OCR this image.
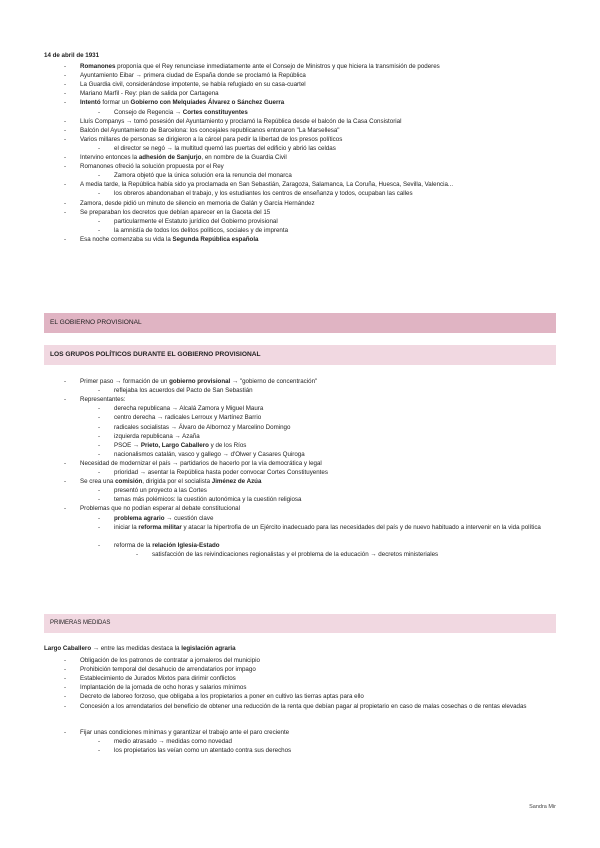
14 de abril de 1931
- Romanones proponía que el Rey renunciase inmediatamente ante el Consejo de Ministros y que hiciera la transmisión de poderes
- Ayuntamiento Eibar → primera ciudad de España donde se proclamó la República
- La Guardia civil, considerándose impotente, se había refugiado en su casa-cuartel
- Mariano Marfil - Rey: plan de salida por Cartagena
- Intentó formar un Gobierno con Melquíades Álvarez o Sánchez Guerra
- Consejo de Regencia → Cortes constituyentes
- Lluís Companys → tomó posesión del Ayuntamiento y proclamó la República desde el balcón de la Casa Consistorial
- Balcón del Ayuntamiento de Barcelona: los concejales republicanos entonaron "La Marsellesa"
- Varios millares de personas se dirigieron a la cárcel para pedir la libertad de los presos políticos
- el director se negó → la multitud quemó las puertas del edificio y abrió las celdas
- Intervino entonces la adhesión de Sanjurjo, en nombre de la Guardia Civil
- Romanones ofreció la solución propuesta por el Rey
- Zamora objetó que la única solución era la renuncia del monarca
- A media tarde, la República había sido ya proclamada en San Sebastián, Zaragoza, Salamanca, La Coruña, Huesca, Sevilla, Valencia...
- los obreros abandonaban el trabajo, y los estudiantes los centros de enseñanza y todos, ocupaban las calles
- Zamora, desde pidió un minuto de silencio en memoria de Galán y García Hernández
- Se preparaban los decretos que debían aparecer en la Gaceta del 15
- particularmente el Estatuto jurídico del Gobierno provisional
- la amnistía de todos los delitos políticos, sociales y de imprenta
- Esa noche comenzaba su vida la Segunda República española
EL GOBIERNO PROVISIONAL
LOS GRUPOS POLÍTICOS DURANTE EL GOBIERNO PROVISIONAL
- Primer paso → formación de un gobierno provisional → "gobierno de concentración"
- reflejaba los acuerdos del Pacto de San Sebastián
- Representantes:
- derecha republicana → Alcalá Zamora y Miguel Maura
- centro derecha → radicales Lerroux y Martínez Barrio
- radicales socialistas → Álvaro de Albornoz y Marcelino Domingo
- izquierda republicana → Azaña
- PSOE → Prieto, Largo Caballero y de los Ríos
- nacionalismos catalán, vasco y gallego → d'Olwer y Casares Quiroga
- Necesidad de modernizar el país → partidarios de hacerlo por la vía democrática y legal
- prioridad → asentar la República hasta poder convocar Cortes Constituyentes
- Se crea una comisión, dirigida por el socialista Jiménez de Azúa
- presentó un proyecto a las Cortes
- temas más polémicos: la cuestión autonómica y la cuestión religiosa
- Problemas que no podían esperar al debate constitucional
- problema agrario → cuestión clave
- iniciar la reforma militar y atacar la hipertrofia de un Ejército inadecuado para las necesidades del país y de nuevo habituado a intervenir en la vida política
- reforma de la relación Iglesia-Estado
- satisfacción de las reivindicaciones regionalistas y el problema de la educación → decretos ministeriales
PRIMERAS MEDIDAS
Largo Caballero → entre las medidas destaca la legislación agraria
- Obligación de los patronos de contratar a jornaleros del municipio
- Prohibición temporal del desahucio de arrendatarios por impago
- Establecimiento de Jurados Mixtos para dirimir conflictos
- Implantación de la jornada de ocho horas y salarios mínimos
- Decreto de laboreo forzoso, que obligaba a los propietarios a poner en cultivo las tierras aptas para ello
- Concesión a los arrendatarios del beneficio de obtener una reducción de la renta que debían pagar al propietario en caso de malas cosechas o de rentas elevadas
- Fijar unas condiciones mínimas y garantizar el trabajo ante el paro creciente
- medio atrasado → medidas como novedad
- los propietarios las veían como un atentado contra sus derechos
Sandra Mir
